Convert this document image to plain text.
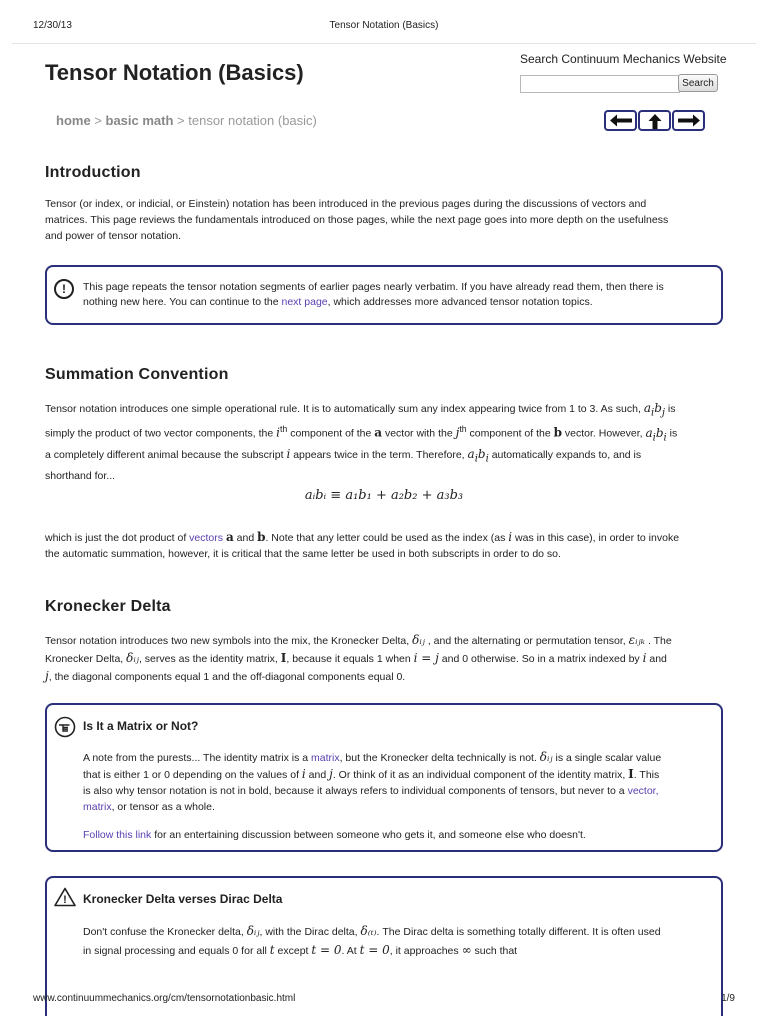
12/30/13	Tensor Notation (Basics)
Tensor Notation (Basics)
Search Continuum Mechanics Website
Search
home > basic math > tensor notation (basic)
Introduction
Tensor (or index, or indicial, or Einstein) notation has been introduced in the previous pages during the discussions of vectors and
matrices. This page reviews the fundamentals introduced on those pages, while the next page goes into more depth on the usefulness
and power of tensor notation.
!	This page repeats the tensor notation segments of earlier pages nearly verbatim. If you have already read them, then there is
nothing new here. You can continue to the next page, which addresses more advanced tensor notation topics.
Summation Convention
Tensor notation introduces one simple operational rule. It is to automatically sum any index appearing twice from 1 to 3. As such, $a_ib_j$ is
simply the product of two vector components, the $i^{th}$ component of the a vector with the $j^{th}$ component of the b vector. However, $a_ib_i$ is
a completely different animal because the subscript i appears twice in the term. Therefore, $a_ib_i$ automatically expands to, and is
shorthand for...
aᵢbᵢ ≡ a₁b₁ + a₂b₂ + a₃b₃
which is just the dot product of vectors a and b. Note that any letter could be used as the index (as i was in this case), in order to invoke
the automatic summation, however, it is critical that the same letter be used in both subscripts in order to do so.
Kronecker Delta
Tensor notation introduces two new symbols into the mix, the Kronecker Delta, δᵢⱼ , and the alternating or permutation tensor, εᵢⱼₖ . The
Kronecker Delta, δᵢⱼ, serves as the identity matrix, I, because it equals 1 when i = j and 0 otherwise. So in a matrix indexed by i and
j, the diagonal components equal 1 and the off-diagonal components equal 0.
Is It a Matrix or Not?
A note from the purests... The identity matrix is a matrix, but the Kronecker delta technically is not. δᵢⱼ is a single scalar value
that is either 1 or 0 depending on the values of i and j. Or think of it as an individual component of the identity matrix, I. This
is also why tensor notation is not in bold, because it always refers to individual components of tensors, but never to a vector,
matrix, or tensor as a whole.
Follow this link for an entertaining discussion between someone who gets it, and someone else who doesn't.
! Kronecker Delta verses Dirac Delta
Don't confuse the Kronecker delta, δᵢⱼ, with the Dirac delta, δ₍ₜ₎. The Dirac delta is something totally different. It is often used
in signal processing and equals 0 for all t except t = 0. At t = 0, it approaches ∞ such that
www.continuummechanics.org/cm/tensornotationbasic.html	1/9
